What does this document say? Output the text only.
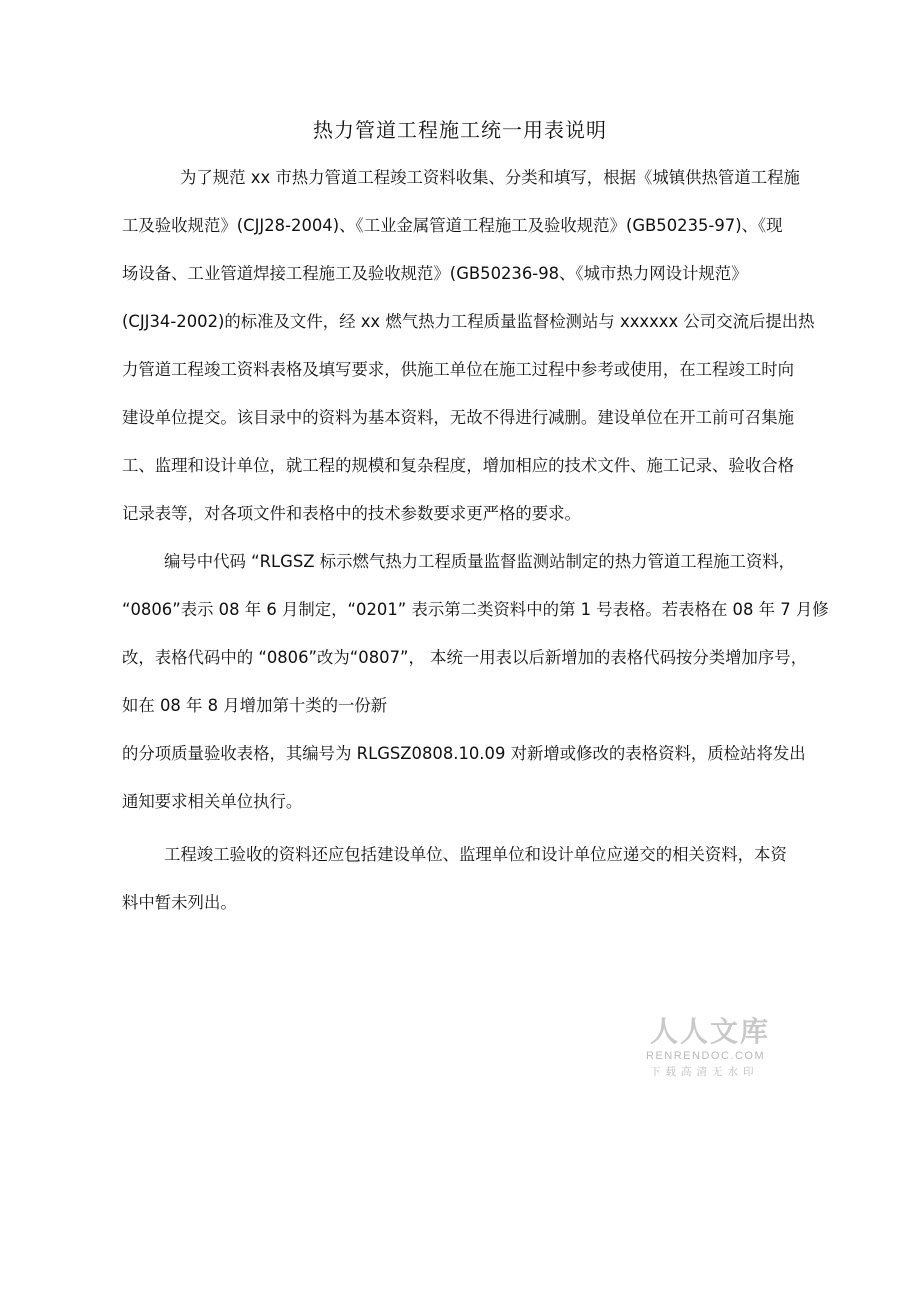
热力管道工程施工统一用表说明
为了规范 xx 市热力管道工程竣工资料收集、分类和填写，根据《城镇供热管道工程施
工及验收规范》(CJJ28-2004)、《工业金属管道工程施工及验收规范》(GB50235-97)、《现
场设备、工业管道焊接工程施工及验收规范》(GB50236-98、《城市热力网设计规范》
(CJJ34-2002)的标准及文件，经 xx 燃气热力工程质量监督检测站与 xxxxxx 公司交流后提出热
力管道工程竣工资料表格及填写要求，供施工单位在施工过程中参考或使用，在工程竣工时向
建设单位提交。该目录中的资料为基本资料，无故不得进行减删。建设单位在开工前可召集施
工、监理和设计单位，就工程的规模和复杂程度，增加相应的技术文件、施工记录、验收合格
记录表等，对各项文件和表格中的技术参数要求更严格的要求。
编号中代码 “RLGSZ 标示燃气热力工程质量监督监测站制定的热力管道工程施工资料，
“0806”表示 08 年 6 月制定，“0201” 表示第二类资料中的第 1 号表格。若表格在 08 年 7 月修
改，表格代码中的 “0806”改为“0807”， 本统一用表以后新增加的表格代码按分类增加序号，
如在 08 年 8 月增加第十类的一份新
的分项质量验收表格，其编号为 RLGSZ0808.10.09 对新增或修改的表格资料，质检站将发出
通知要求相关单位执行。
工程竣工验收的资料还应包括建设单位、监理单位和设计单位应递交的相关资料，本资
料中暂未列出。
人人文库
RENRENDOC.COM
下载高清无水印
